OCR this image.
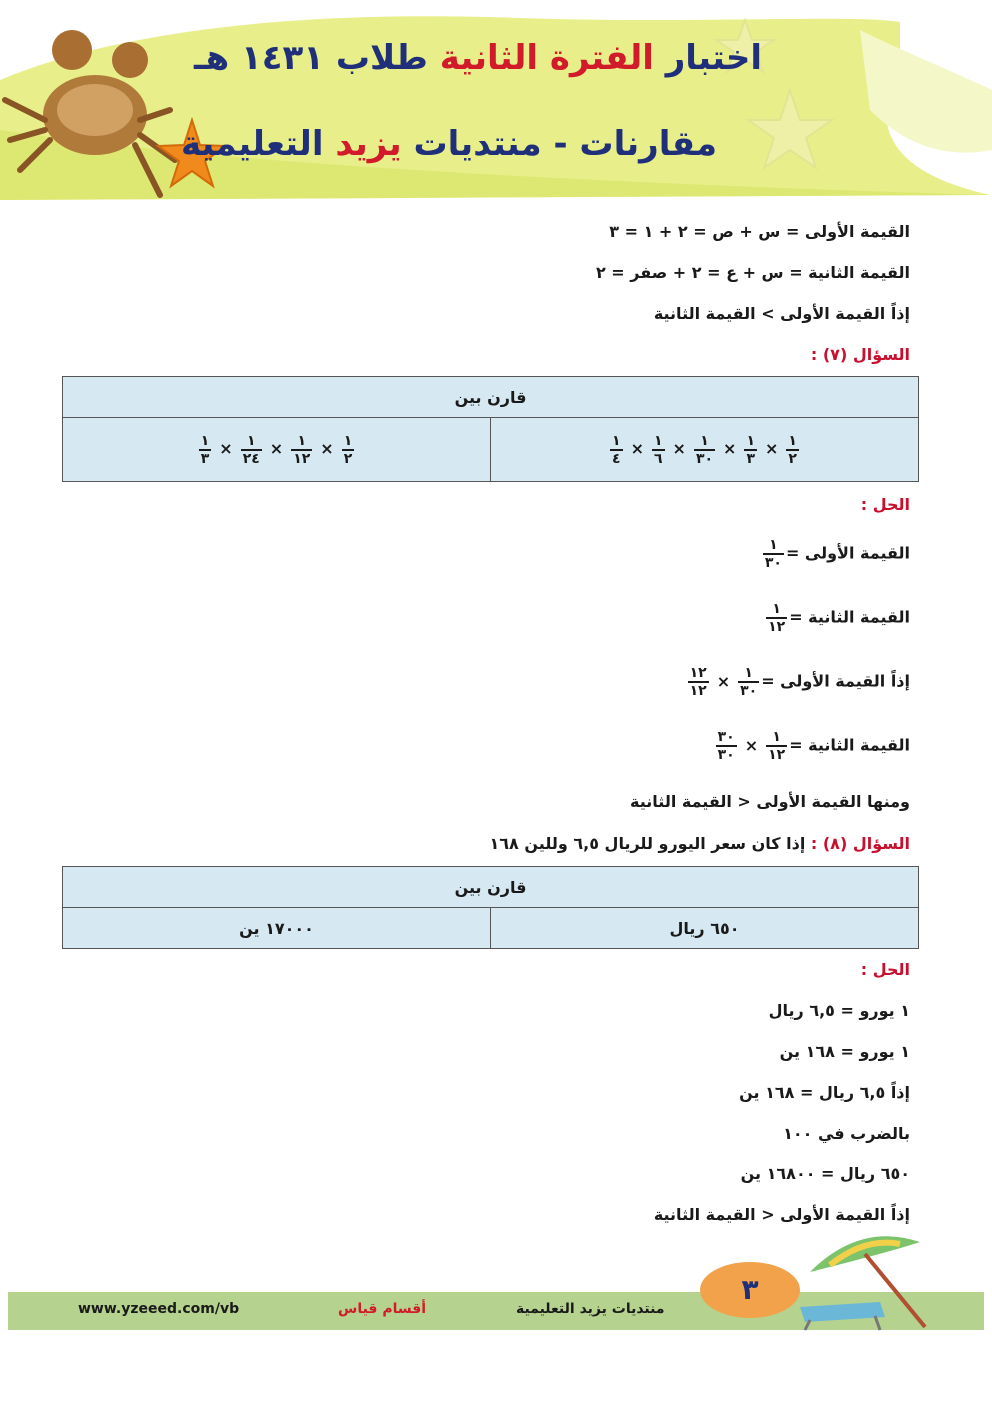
اختبار الفترة الثانية طلاب ١٤٣١ هـ
مقارنات - منتديات يزيد التعليمية
القيمة الأولى = س + ص = ٢ + ١ = ٣
القيمة الثانية = س + ع = ٢ + صفر = ٢
إذاً القيمة الأولى > القيمة الثانية
السؤال (٧) :
قارن بين

$\frac{١}{٢}$
×
$\frac{١}{٣}$
×
$\frac{١}{٣٠}$
×
$\frac{١}{٦}$
×
$\frac{١}{٤}$

$\frac{١}{٢}$
×
$\frac{١}{١٢}$
×
$\frac{١}{٢٤}$
×
$\frac{١}{٣}$
الحل :
القيمة الأولى =
$\frac{١}{٣٠}$
القيمة الثانية =
$\frac{١}{١٢}$
إذاً القيمة الأولى =
$\frac{١}{٣٠}$
×
$\frac{١٢}{١٢}$
القيمة الثانية =
$\frac{١}{١٢}$
×
$\frac{٣٠}{٣٠}$
ومنها القيمة الأولى < القيمة الثانية
السؤال (٨) : إذا كان سعر اليورو للريال ٦,٥ وللين ١٦٨
قارن بين
٦٥٠ ريال	١٧٠٠٠ ين
الحل :
١ يورو = ٦,٥ ريال
١ يورو = ١٦٨ ين
إذاً ٦,٥ ريال = ١٦٨ ين
بالضرب في ١٠٠
٦٥٠ ريال = ١٦٨٠٠ ين
إذاً القيمة الأولى < القيمة الثانية
www.yzeeed.com/vb	أقسام قياس	منتديات يزيد التعليمية
٣
